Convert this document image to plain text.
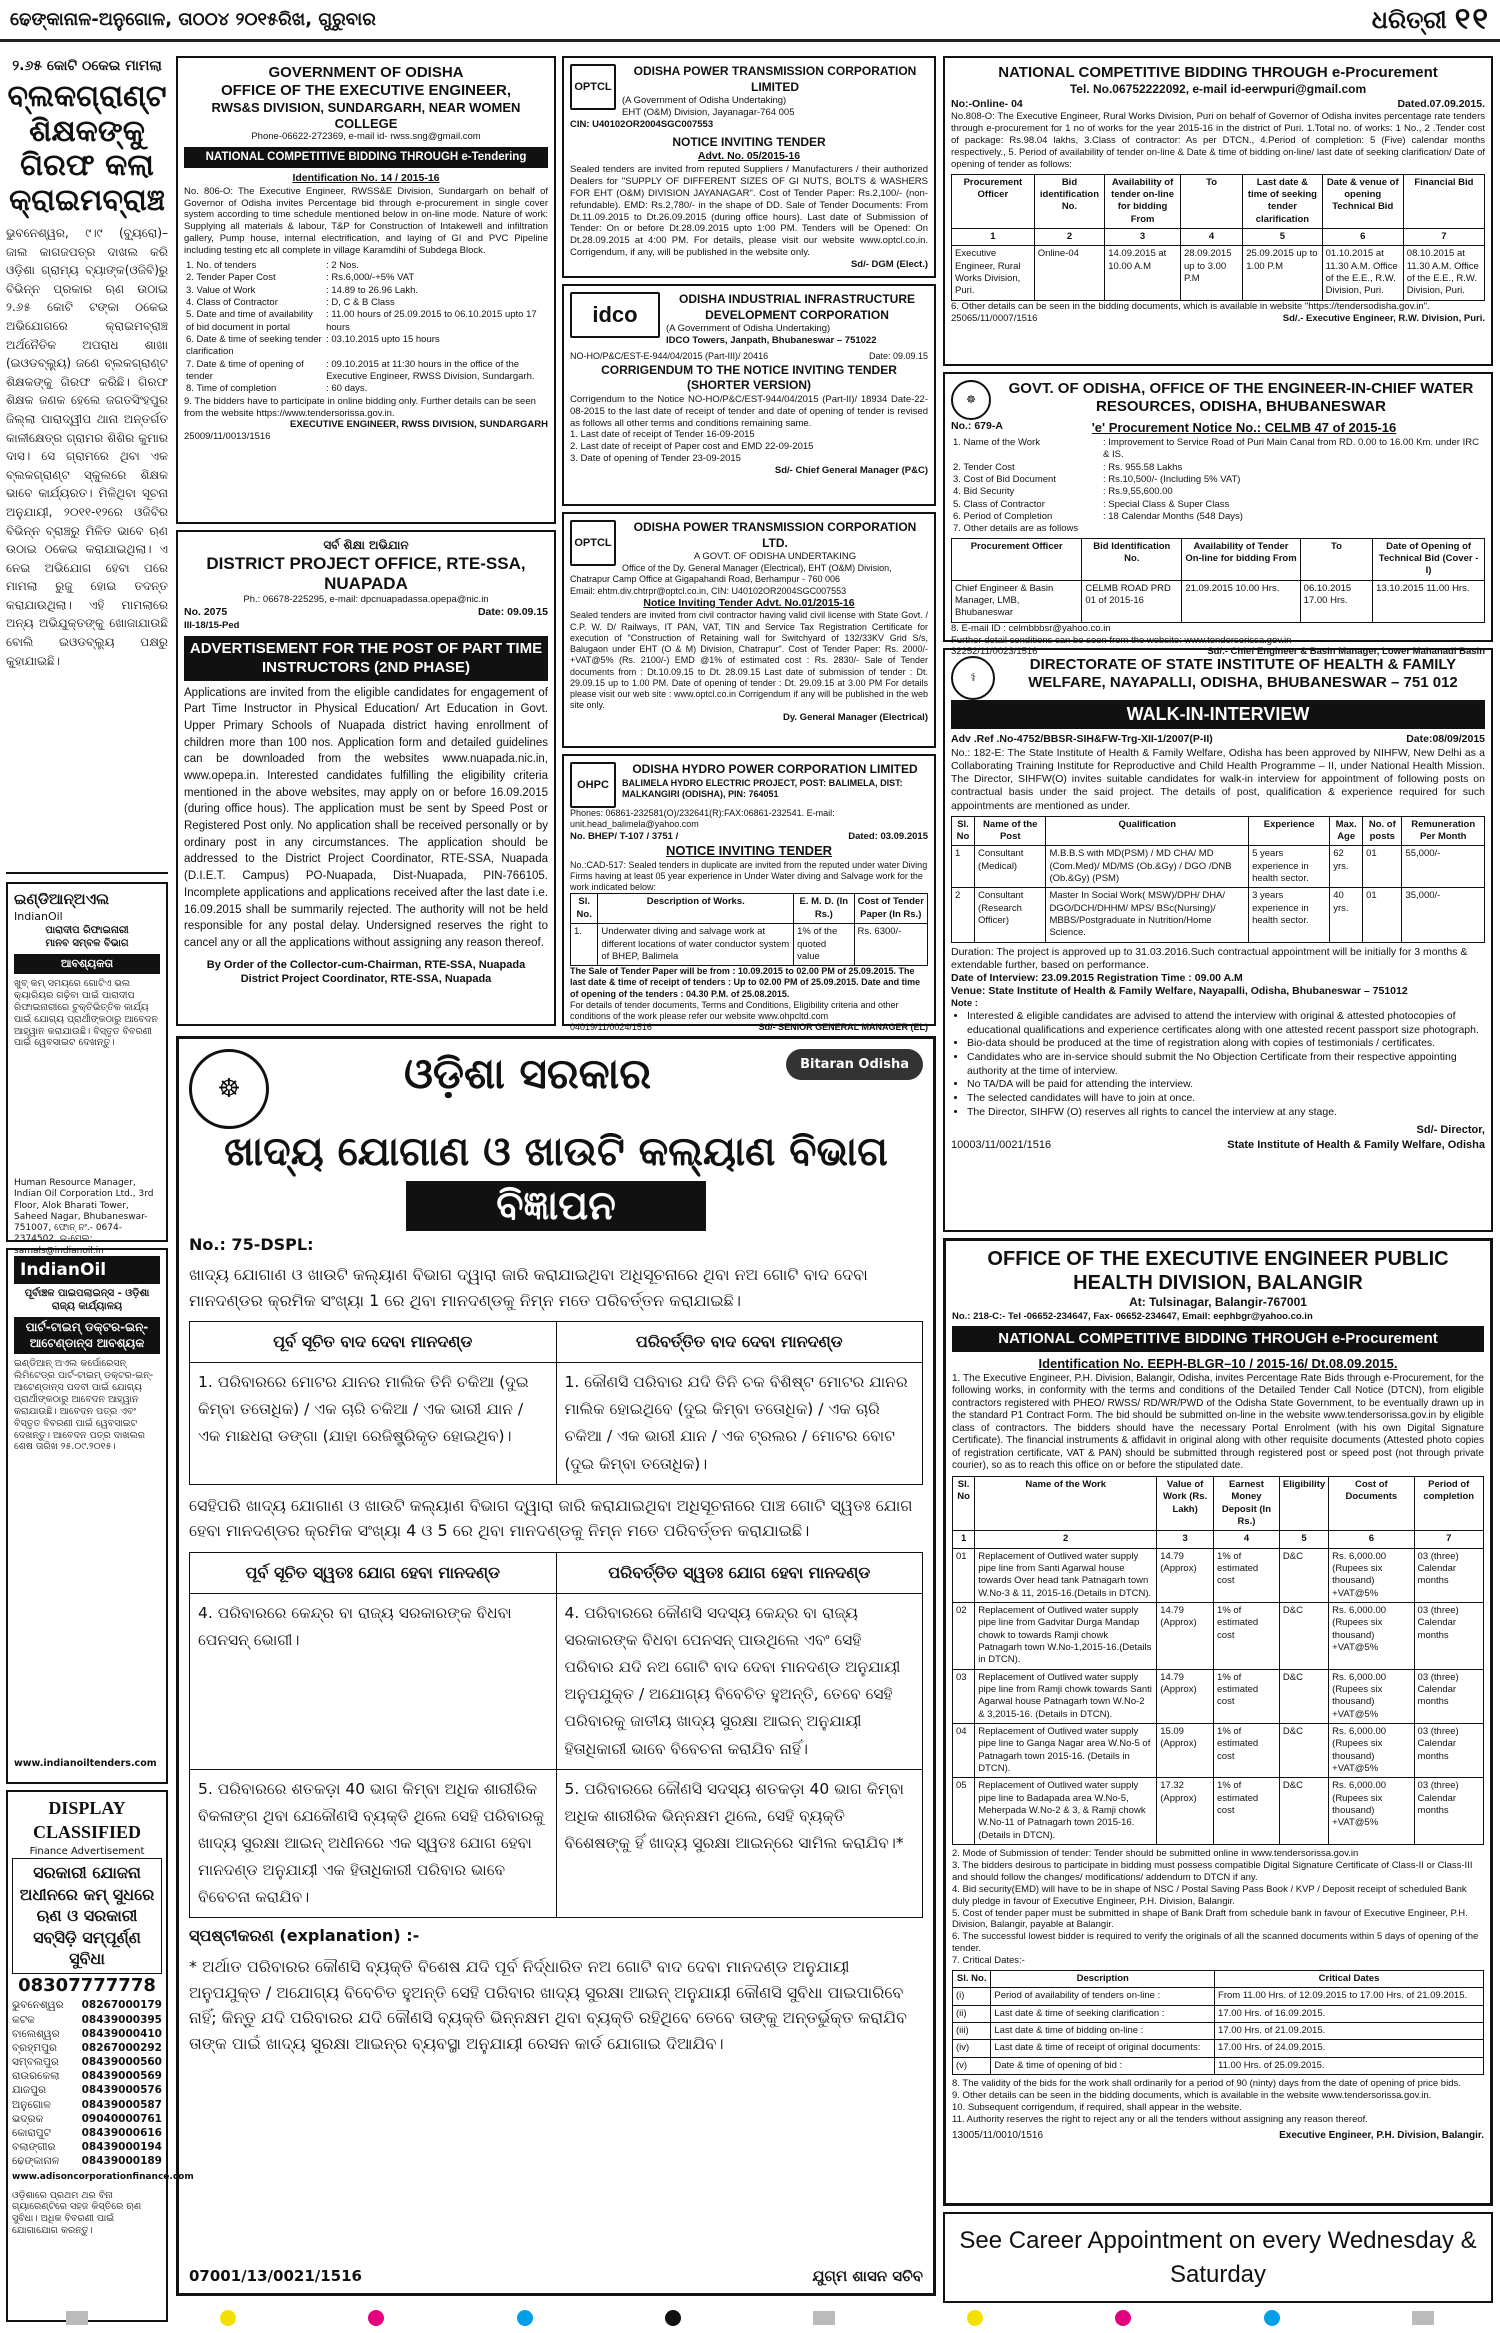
ଢେଙ୍କାନାଳ-ଅନୁଗୋଳ, ତାଠ୦୪ ୨୦୧୫ରିଖ, ଗୁରୁବାର	ଧରିତ୍ରୀ ୧୧
୨.୬୫ କୋଟି ଠକେଇ ମାମଲା
ବ୍ଲକଗ୍ରାଣ୍ଟ ଶିକ୍ଷକଙ୍କୁ ଗିରଫ କଲା କ୍ରାଇମବ୍ରାଞ୍ଚ
ଭୁବନେଶ୍ୱର, ୯।୯ (ବ୍ୟୁରୋ)– ଜାଲ କାଗଜପତ୍ର ଦାଖଲ କରି ଓଡ଼ିଶା ଗ୍ରାମ୍ୟ ବ୍ୟାଙ୍କ(ଓଜିବି)ରୁ ବିଭିନ୍ନ ପ୍ରକାର ଋଣ ଉଠାଇ ୨.୬୫ କୋଟି ଟଙ୍କା ଠକେଇ ଅଭିଯୋଗରେ କ୍ରାଇମବ୍ରାଞ୍ଚ ଅର୍ଥନୈତିକ ଅପରାଧ ଶାଖା (ଇଓଡବ୍ଲ୍ୟୁ) ଜଣେ ବ୍ଲକଗ୍ରାଣ୍ଟ ଶିକ୍ଷକଙ୍କୁ ଗିରଫ କରିଛି। ଗିରଫ ଶିକ୍ଷକ ଜଣକ ହେଲେ ଜଗତସିଂହପୁର ଜିଲ୍ଲା ପାରାଦ୍ୱୀପ ଥାନା ଅନ୍ତର୍ଗତ କାଳୀକ୍ଷେତ୍ର ଗ୍ରାମର ଶିଶିର କୁମାର ଦାସ। ସେ ଗ୍ରାମରେ ଥିବା ଏକ ବ୍ଲକଗ୍ରାଣ୍ଟ ସ୍କୁଲରେ ଶିକ୍ଷକ ଭାବେ କାର୍ଯ୍ୟରତ। ମିଳିଥିବା ସୂଚନା ଅନୁଯାୟୀ, ୨୦୧୧-୧୨ରେ ଓଜିବିର ବିଭିନ୍ନ ବ୍ରାଞ୍ଚରୁ ମିଳିତ ଭାବେ ଋଣ ଉଠାଇ ଠକେଇ କରାଯାଇଥିଲା। ଏ ନେଇ ଅଭିଯୋଗ ହେବା ପରେ ମାମଲା ରୁଜୁ ହୋଇ ତଦନ୍ତ କରାଯାଉଥିଲା। ଏହି ମାମଲାରେ ଅନ୍ୟ ଅଭିଯୁକ୍ତଙ୍କୁ ଖୋଜାଯାଉଛି ବୋଲି ଇଓଡବ୍ଲ୍ୟୁ ପକ୍ଷରୁ କୁହାଯାଇଛି।
ଇଣ୍ଡିଆନ୍‌ଅଏଲ
IndianOil
ପାରାଦୀପ ରିଫାଇନାରୀ
ମାନବ ସମ୍ବଳ ବିଭାଗ
ଆବଶ୍ୟକତା
ଖୁବ୍‌ କମ୍‌ ସମୟରେ ଗୋଟିଏ ଭଲ କ୍ୟାରିୟର ଗଢ଼ିବା ପାଇଁ ପାରାଦୀପ ରିଫାଇନାରୀରେ ଚୁକ୍ତିଭିତ୍ତିକ କାର୍ଯ୍ୟ ପାଇଁ ଯୋଗ୍ୟ ପ୍ରାର୍ଥୀଙ୍କଠାରୁ ଆବେଦନ ଆହ୍ୱାନ କରାଯାଉଛି। ବିସ୍ତୃତ ବିବରଣୀ ପାଇଁ ୱେବସାଇଟ ଦେଖନ୍ତୁ।
Human Resource Manager, Indian Oil Corporation Ltd., 3rd Floor, Alok Bharati Tower, Saheed Nagar, Bhubaneswar-751007, ଫୋନ୍‌ ନଂ.- 0674-2374502, ଇ-ମେଲ: samals@indianoil.in
IndianOil
ପୂର୍ବାଞ୍ଚଳ ପାଇପଲାଇନ୍ସ - ଓଡ଼ିଶା ରାଜ୍ୟ କାର୍ଯ୍ୟାଳୟ
ପାର୍ଟ-ଟାଇମ୍‌ ଡକ୍ଟର-ଇନ୍‌-ଆଟେଣ୍ଡାନ୍ସ ଆବଶ୍ୟକ
ଇଣ୍ଡିଆନ୍‌ ଅଏଲ କର୍ପୋରେସନ୍‌ ଲିମିଟେଡ୍‌ର ପାର୍ଟ-ଟାଇମ୍‌ ଡକ୍ଟର-ଇନ୍‌-ଆଟେଣ୍ଡାନ୍ସ ପଦବୀ ପାଇଁ ଯୋଗ୍ୟ ପ୍ରାର୍ଥୀଙ୍କଠାରୁ ଆବେଦନ ଆହ୍ୱାନ କରାଯାଉଛି। ଆବେଦନ ପତ୍ର ଏବଂ ବିସ୍ତୃତ ବିବରଣୀ ପାଇଁ ୱେବସାଇଟ ଦେଖନ୍ତୁ। ଆବେଦନ ପତ୍ର ଦାଖଲର ଶେଷ ତାରିଖ ୨୫.୦୯.୨୦୧୫।
www.indianoiltenders.com
DISPLAY CLASSIFIED
Finance Advertisement
ସରକାରୀ ଯୋଜନା ଅଧୀନରେ କମ୍‌ ସୁଧରେ ଋଣ ଓ ସରକାରୀ ସବ୍‌ସିଡ଼ି ସମ୍ପୂର୍ଣ୍ଣ ସୁବିଧା
08307777778
ଭୁବନେଶ୍ୱର 08267000179
କଟକ	08439000395
ବାଲେଶ୍ୱର 08439000410
ବ୍ରହ୍ମପୁର 08267000292
ସମ୍ବଲପୁର 08439000560
ରାଉରକେଲା 08439000569
ଯାଜପୁର	08439000576
ଅନୁଗୋଳ	08439000587
ଭଦ୍ରକ	09040000761
କୋରାପୁଟ	08439000616
ବଲାଙ୍ଗୀର 08439000194
ଢେଙ୍କାନାଳ 08439000189
www.adisoncorporationfinance.com
ଓଡ଼ିଶାରେ ପ୍ରଥମ ଥର ବିନା ଗ୍ୟାରେଣ୍ଟିରେ ସହଜ କିସ୍ତିରେ ଋଣ ସୁବିଧା। ଅଧିକ ବିବରଣୀ ପାଇଁ ଯୋଗାଯୋଗ କରନ୍ତୁ।
GOVERNMENT OF ODISHA
OFFICE OF THE EXECUTIVE ENGINEER,
RWS&S DIVISION, SUNDARGARH, NEAR WOMEN COLLEGE
Phone-06622-272369, e-mail id- rwss.sng@gmail.com
NATIONAL COMPETITIVE BIDDING THROUGH e-Tendering
Identification No. 14 / 2015-16
No. 806-O: The Executive Engineer, RWSS&E Division, Sundargarh on behalf of Governor of Odisha invites Percentage bid through e-procurement in single cover system according to time schedule mentioned below in on-line mode. Nature of work: Supplying all materials & labour, T&P for Construction of Intakewell and infiltration gallery, Pump house, internal electrification, and laying of GI and PVC Pipeline including testing etc all complete in village Karamdihi of Subdega Block.
1. No. of tenders	: 2 Nos.
2. Tender Paper Cost	: Rs.6,000/-+5% VAT
3. Value of Work	: 14.89 to 26.96 Lakh.
4. Class of Contractor	: D, C & B Class
5. Date and time of availability of bid document in portal	: 11.00 hours of 25.09.2015 to 06.10.2015 upto 17 hours
6. Date & time of seeking tender clarification	: 03.10.2015 upto 15 hours
7. Date & time of opening of tender	: 09.10.2015 at 11:30 hours in the office of the Executive Engineer, RWSS Division, Sundargarh.
8. Time of completion	: 60 days.
9. The bidders have to participate in online bidding only. Further details can be seen from the website https://www.tendersorissa.gov.in.
EXECUTIVE ENGINEER, RWSS DIVISION, SUNDARGARH
25009/11/0013/1516
ସର୍ବ ଶିକ୍ଷା ଅଭିଯାନ
DISTRICT PROJECT OFFICE, RTE-SSA, NUAPADA
Ph.: 06678-225295, e-mail: dpcnuapadassa.opepa@nic.in
No. 2075	Date: 09.09.15
III-18/15-Ped
ADVERTISEMENT FOR THE POST OF PART TIME INSTRUCTORS (2ND PHASE)
Applications are invited from the eligible candidates for engagement of Part Time Instructor in Physical Education/ Art Education in Govt. Upper Primary Schools of Nuapada district having enrollment of children more than 100 nos. Application form and detailed guidelines can be downloaded from the websites www.nuapada.nic.in, www.opepa.in. Interested candidates fulfilling the eligibility criteria mentioned in the above websites, may apply on or before 16.09.2015 (during office hous). The application must be sent by Speed Post or Registered Post only. No application shall be received personally or by ordinary post in any circumstances. The application should be addressed to the District Project Coordinator, RTE-SSA, Nuapada (D.I.E.T. Campus) PO-Nuapada, Dist-Nuapada, PIN-766105. Incomplete applications and applications received after the last date i.e. 16.09.2015 shall be summarily rejected. The authority will not be held responsible for any postal delay. Undersigned reserves the right to cancel any or all the applications without assigning any reason thereof.
By Order of the Collector-cum-Chairman, RTE-SSA, Nuapada
District Project Coordinator, RTE-SSA, Nuapada
OPTCL
ODISHA POWER TRANSMISSION CORPORATION LIMITED
(A Government of Odisha Undertaking)
EHT (O&M) Division, Jayanagar-764 005
CIN: U40102OR2004SGC007553
NOTICE INVITING TENDER
Advt. No. 05/2015-16
Sealed tenders are invited from reputed Suppliers / Manufacturers / their authorized Dealers for "SUPPLY OF DIFFERENT SIZES OF GI NUTS, BOLTS & WASHERS FOR EHT (O&M) DIVISION JAYANAGAR". Cost of Tender Paper: Rs.2,100/- (non-refundable). EMD: Rs.2,780/- in the shape of DD. Sale of Tender Documents: From Dt.11.09.2015 to Dt.26.09.2015 (during office hours). Last date of Submission of Tender: On or before Dt.28.09.2015 upto 1:00 PM. Tenders will be Opened: On Dt.28.09.2015 at 4:00 PM. For details, please visit our website www.optcl.co.in. Corrigendum, if any, will be published in the website only.
Sd/- DGM (Elect.)
idco
ODISHA INDUSTRIAL INFRASTRUCTURE DEVELOPMENT CORPORATION
(A Government of Odisha Undertaking)
IDCO Towers, Janpath, Bhubaneswar – 751022
NO-HO/P&C/EST-E-944/04/2015 (Part-III)/ 20416	Date: 09.09.15
CORRIGENDUM TO THE NOTICE INVITING TENDER (SHORTER VERSION)
Corrigendum to the Notice NO-HO/P&C/EST-944/04/2015 (Part-II)/ 18934 Date-22-08-2015 to the last date of receipt of tender and date of opening of tender is revised as follows all other terms and conditions remaining same.
1. Last date of receipt of Tender 16-09-2015
2. Last date of receipt of Paper cost and EMD 22-09-2015
3. Date of opening of Tender 23-09-2015
Sd/- Chief General Manager (P&C)
OPTCL
ODISHA POWER TRANSMISSION CORPORATION LTD.
A GOVT. OF ODISHA UNDERTAKING
Office of the Dy. General Manager (Electrical), EHT (O&M) Division, Chatrapur Camp Office at Gigapahandi Road, Berhampur - 760 006
Email: ehtm.div.chtrpr@optcl.co.in, CIN: U40102OR2004SGC007553
Notice Inviting Tender Advt. No.01/2015-16
Sealed tenders are invited from civil contractor having valid civil license with State Govt. / C.P. W. D/ Railways, IT PAN, VAT, TIN and Service Tax Registration Certificate for execution of "Construction of Retaining wall for Switchyard of 132/33KV Grid S/s, Balugaon under EHT (O & M) Division, Chatrapur". Cost of Tender Paper: Rs. 2000/-+VAT@5% (Rs. 2100/-) EMD @1% of estimated cost : Rs. 2830/- Sale of Tender documents from : Dt.10.09.15 to Dt. 28.09.15 Last date of submission of tender : Dt. 29.09.15 up to 1.00 PM. Date of opening of tender : Dt. 29.09.15 at 3.00 PM For details please visit our web site : www.optcl.co.in Corrigendum if any will be published in the web site only.
Dy. General Manager (Electrical)
OHPC
ODISHA HYDRO POWER CORPORATION LIMITED
BALIMELA HYDRO ELECTRIC PROJECT, POST: BALIMELA, DIST: MALKANGIRI (ODISHA), PIN: 764051
Phones: 06861-232581(O)/232641(R):FAX:06861-232541. E-mail: unit.head_balimela@yahoo.com
No. BHEP/ T-107 / 3751 /	Dated: 03.09.2015
NOTICE INVITING TENDER
No.:CAD-517: Sealed tenders in duplicate are invited from the reputed under water Diving Firms having at least 05 year experience in Under Water diving and Salvage work for the work indicated below:
Sl. No.	Description of Works.	E. M. D. (In Rs.)	Cost of Tender Paper (In Rs.)
1.	Underwater diving and salvage work at different locations of water conductor system of BHEP, Balimela	1% of the quoted value	Rs. 6300/-
The Sale of Tender Paper will be from : 10.09.2015 to 02.00 PM of 25.09.2015. The last date & time of receipt of tenders : Up to 02.00 PM of 25.09.2015. Date and time of opening of the tenders : 04.30 P.M. of 25.08.2015.
For details of tender documents, Terms and Conditions, Eligibility criteria and other conditions of the work please refer our website www.ohpcltd.com
04019/11/0024/1516	Sd/- SENIOR GENERAL MANAGER (EL)
☸
Bitaran Odisha
ଓଡ଼ିଶା ସରକାର
ଖାଦ୍ୟ ଯୋଗାଣ ଓ ଖାଉଟି କଲ୍ୟାଣ ବିଭାଗ
ବିଜ୍ଞାପନ
No.: 75-DSPL:
ଖାଦ୍ୟ ଯୋଗାଣ ଓ ଖାଉଟି କଲ୍ୟାଣ ବିଭାଗ ଦ୍ୱାରା ଜାରି କରାଯାଇଥିବା ଅଧିସୂଚନାରେ ଥିବା ନଅ ଗୋଟି ବାଦ ଦେବା ମାନଦଣ୍ଡର କ୍ରମିକ ସଂଖ୍ୟା 1 ରେ ଥିବା ମାନଦଣ୍ଡକୁ ନିମ୍ନ ମତେ ପରିବର୍ତ୍ତନ କରାଯାଇଛି।
ପୂର୍ବ ସୂଚିତ ବାଦ ଦେବା ମାନଦଣ୍ଡ	ପରିବର୍ତ୍ତିତ ବାଦ ଦେବା ମାନଦଣ୍ଡ
1. ପରିବାରରେ ମୋଟର ଯାନର ମାଲିକ ତିନି ଚକିଆ (ଦୁଇ କିମ୍ବା ତତୋଧିକ) / ଏକ ଚାରି ଚକିଆ / ଏକ ଭାରୀ ଯାନ / ଏକ ମାଛଧରା ଡଙ୍ଗା (ଯାହା ରେଜିଷ୍ଟ୍ରିକୃତ ହୋଇଥିବ)।	1. କୌଣସି ପରିବାର ଯଦି ତିନି ଚକ ବିଶିଷ୍ଟ ମୋଟର ଯାନର ମାଲିକ ହୋଇଥିବେ (ଦୁଇ କିମ୍ବା ତତୋଧିକ) / ଏକ ଚାରି ଚକିଆ / ଏକ ଭାରୀ ଯାନ / ଏକ ଟ୍ରଲର / ମୋଟର ବୋଟ (ଦୁଇ କିମ୍ବା ତତୋଧିକ)।
ସେହିପରି ଖାଦ୍ୟ ଯୋଗାଣ ଓ ଖାଉଟି କଲ୍ୟାଣ ବିଭାଗ ଦ୍ୱାରା ଜାରି କରାଯାଇଥିବା ଅଧିସୂଚନାରେ ପାଞ୍ଚ ଗୋଟି ସ୍ୱତଃ ଯୋଗ ହେବା ମାନଦଣ୍ଡର କ୍ରମିକ ସଂଖ୍ୟା 4 ଓ 5 ରେ ଥିବା ମାନଦଣ୍ଡକୁ ନିମ୍ନ ମତେ ପରିବର୍ତ୍ତନ କରାଯାଇଛି।
ପୂର୍ବ ସୂଚିତ ସ୍ୱତଃ ଯୋଗ ହେବା ମାନଦଣ୍ଡ	ପରିବର୍ତ୍ତିତ ସ୍ୱତଃ ଯୋଗ ହେବା ମାନଦଣ୍ଡ
4. ପରିବାରରେ କେନ୍ଦ୍ର ବା ରାଜ୍ୟ ସରକାରଙ୍କ ବିଧବା ପେନସନ୍‌ ଭୋଗୀ।	4. ପରିବାରରେ କୌଣସି ସଦସ୍ୟ କେନ୍ଦ୍ର ବା ରାଜ୍ୟ ସରକାରଙ୍କ ବିଧବା ପେନସନ୍‌ ପାଉଥିଲେ ଏବଂ ସେହି ପରିବାର ଯଦି ନଅ ଗୋଟି ବାଦ ଦେବା ମାନଦଣ୍ଡ ଅନୁଯାୟୀ ଅନୁପଯୁକ୍ତ / ଅଯୋଗ୍ୟ ବିବେଚିତ ହୁଅନ୍ତି, ତେବେ ସେହି ପରିବାରକୁ ଜାତୀୟ ଖାଦ୍ୟ ସୁରକ୍ଷା ଆଇନ୍‌ ଅନୁଯାୟୀ ହିତାଧିକାରୀ ଭାବେ ବିବେଚନା କରାଯିବ ନାହିଁ।
5. ପରିବାରରେ ଶତକଡ଼ା 40 ଭାଗ କିମ୍ବା ଅଧିକ ଶାରୀରିକ ବିକଳାଙ୍ଗ ଥିବା ଯେକୌଣସି ବ୍ୟକ୍ତି ଥିଲେ ସେହି ପରିବାରକୁ ଖାଦ୍ୟ ସୁରକ୍ଷା ଆଇନ୍‌ ଅଧୀନରେ ଏକ ସ୍ୱତଃ ଯୋଗ ହେବା ମାନଦଣ୍ଡ ଅନୁଯାୟୀ ଏକ ହିତାଧିକାରୀ ପରିବାର ଭାବେ ବିବେଚନା କରାଯିବ।	5. ପରିବାରରେ କୌଣସି ସଦସ୍ୟ ଶତକଡ଼ା 40 ଭାଗ କିମ୍ବା ଅଧିକ ଶାରୀରିକ ଭିନ୍ନକ୍ଷମ ଥିଲେ, ସେହି ବ୍ୟକ୍ତି ବିଶେଷଙ୍କୁ ହିଁ ଖାଦ୍ୟ ସୁରକ୍ଷା ଆଇନ୍‌ରେ ସାମିଲ କରାଯିବ।*
ସ୍ପଷ୍ଟୀକରଣ (explanation) :-
* ଅର୍ଥାତ ପରିବାରର କୌଣସି ବ୍ୟକ୍ତି ବିଶେଷ ଯଦି ପୂର୍ବ ନିର୍ଦ୍ଧାରିତ ନଅ ଗୋଟି ବାଦ ଦେବା ମାନଦଣ୍ଡ ଅନୁଯାୟୀ ଅନୁପଯୁକ୍ତ / ଅଯୋଗ୍ୟ ବିବେଚିତ ହୁଅନ୍ତି ସେହି ପରିବାର ଖାଦ୍ୟ ସୁରକ୍ଷା ଆଇନ୍‌ ଅନୁଯାୟୀ କୌଣସି ସୁବିଧା ପାଇପାରିବେ ନାହିଁ; କିନ୍ତୁ ଯଦି ପରିବାରର ଯଦି କୌଣସି ବ୍ୟକ୍ତି ଭିନ୍ନକ୍ଷମ ଥିବା ବ୍ୟକ୍ତି ରହିଥିବେ ତେବେ ତାଙ୍କୁ ଅନ୍ତର୍ଭୁକ୍ତ କରାଯିବ ତାଙ୍କ ପାଇଁ ଖାଦ୍ୟ ସୁରକ୍ଷା ଆଇନ୍‌ର ବ୍ୟବସ୍ଥା ଅନୁଯାୟୀ ରେସନ କାର୍ଡ ଯୋଗାଇ ଦିଆଯିବ।
07001/13/0021/1516	ଯୁଗ୍ମ ଶାସନ ସଚିବ
NATIONAL COMPETITIVE BIDDING THROUGH e-Procurement
Tel. No.06752222092, e-mail id-eerwpuri@gmail.com
No:-Online- 04	Dated.07.09.2015.
No.808-O: The Executive Engineer, Rural Works Division, Puri on behalf of Governor of Odisha invites percentage rate tenders through e-procurement for 1 no of works for the year 2015-16 in the district of Puri. 1.Total no. of works: 1 No., 2 .Tender cost of package: Rs.98.04 lakhs, 3.Class of contractor: As per DTCN., 4.Period of completion: 5 (Five) calendar months respectively., 5. Period of availability of tender on-line & Date & time of bidding on-line/ last date of seeking clarification/ Date of opening of tender as follows:
Procurement Officer	Bid identification No.	Availability of tender on-line for bidding From	To	Last date & time of seeking tender clarification	Date & venue of opening Technical Bid	Financial Bid
1	2	3	4	5	6	7
Executive Engineer, Rural Works Division, Puri.	Online-04	14.09.2015 at 10.00 A.M	28.09.2015 up to 3.00 P.M	25.09.2015 up to 1.00 P.M	01.10.2015 at 11.30 A.M. Office of the E.E., R.W. Division, Puri.	08.10.2015 at 11.30 A.M. Office of the E.E., R.W. Division, Puri.
6. Other details can be seen in the bidding documents, which is available in website "https://tendersodisha.gov.in".
25065/11/0007/1516	Sd/.- Executive Engineer, R.W. Division, Puri.
☸
GOVT. OF ODISHA, OFFICE OF THE ENGINEER-IN-CHIEF WATER RESOURCES, ODISHA, BHUBANESWAR
No.: 679-A	'e' Procurement Notice No.: CELMB 47 of 2015-16
1. Name of the Work	: Improvement to Service Road of Puri Main Canal from RD. 0.00 to 16.00 Km. under IRC & IS.
2. Tender Cost	: Rs. 955.58 Lakhs
3. Cost of Bid Document	: Rs.10,500/- (Including 5% VAT)
4. Bid Security	: Rs.9,55,600.00
5. Class of Contractor	: Special Class & Super Class
6. Period of Completion	: 18 Calendar Months (548 Days)
7. Other details are as follows	
Procurement Officer	Bid Identification No.	Availability of Tender On-line for bidding From	To	Date of Opening of Technical Bid (Cover - I)
Chief Engineer & Basin Manager, LMB, Bhubaneswar	CELMB ROAD PRD 01 of 2015-16	21.09.2015 10.00 Hrs.	06.10.2015 17.00 Hrs.	13.10.2015 11.00 Hrs.
8. E-mail ID : celmbbbsr@yahoo.co.in
Further detail conditions can be seen from the website: www.tendersorissa.gov.in
32252/11/0023/1516	Sd/.- Chief Engineer & Basin Manager, Lower Mahanadi Basin
⚕
DIRECTORATE OF STATE INSTITUTE OF HEALTH & FAMILY WELFARE, NAYAPALLI, ODISHA, BHUBANESWAR – 751 012
WALK-IN-INTERVIEW
Adv .Ref .No-4752/BBSR-SIH&FW-Trg-XII-1/2007(P-II)	Date:08/09/2015
No.: 182-E: The State Institute of Health & Family Welfare, Odisha has been approved by NIHFW, New Delhi as a Collaborating Training Institute for Reproductive and Child Health Programme – II, under National Health Mission. The Director, SIHFW(O) invites suitable candidates for walk-in interview for appointment of following posts on contractual basis under the said project. The details of post, qualification & experience required for such appointments are mentioned as under.
Sl. No	Name of the Post	Qualification	Experience	Max. Age	No. of posts	Remuneration Per Month
1	Consultant (Medical)	M.B.B.S with MD(PSM) / MD CHA/ MD (Com.Med)/ MD/MS (Ob.&Gy) / DGO /DNB (Ob.&Gy) (PSM)	5 years experience in health sector.	62 yrs.	01	55,000/-
2	Consultant (Research Officer)	Master In Social Work( MSW)/DPH/ DHA/ DGO/DCH/DHHM/ MPS/ BSc(Nursing)/ MBBS/Postgraduate in Nutrition/Home Science.	3 years experience in health sector.	40 yrs.	01	35,000/-
Duration: The project is approved up to 31.03.2016.Such contractual appointment will be initially for 3 months & extendable further, based on performance.
Date of Interview: 23.09.2015 Registration Time : 09.00 A.M
Venue: State Institute of Health & Family Welfare, Nayapalli, Odisha, Bhubaneswar – 751012
Note :
• Interested & eligible candidates are advised to attend the interview with original & attested photocopies of educational qualifications and experience certificates along with one attested recent passport size photograph.
• Bio-data should be produced at the time of registration along with copies of testimonials / certificates.
• Candidates who are in-service should submit the No Objection Certificate from their respective appointing authority at the time of interview.
• No TA/DA will be paid for attending the interview.
• The selected candidates will have to join at once.
• The Director, SIHFW (O) reserves all rights to cancel the interview at any stage.
Sd/- Director,
10003/11/0021/1516	State Institute of Health & Family Welfare, Odisha
OFFICE OF THE EXECUTIVE ENGINEER PUBLIC HEALTH DIVISION, BALANGIR
At: Tulsinagar, Balangir-767001
No.: 218-C:- Tel -06652-234647, Fax- 06652-234647, Email: eephbgr@yahoo.co.in
NATIONAL COMPETITIVE BIDDING THROUGH e-Procurement
Identification No. EEPH-BLGR–10 / 2015-16/ Dt.08.09.2015.
1. The Executive Engineer, P.H. Division, Balangir, Odisha, invites Percentage Rate Bids through e-Procurement, for the following works, in conformity with the terms and conditions of the Detailed Tender Call Notice (DTCN), from eligible contractors registered with PHEO/ RWSS/ RD/WR/PWD of the Odisha State Government, to be eventually drawn up in the standard P1 Contract Form. The bid should be submitted on-line in the website www.tendersorissa.gov.in by eligible class of contractors. The bidders should have the necessary Portal Enrolment (with his own Digital Signature Certificate). The financial instruments & affidavit in original along with other requisite documents (Attested photo copies of registration certificate, VAT & PAN) should be submitted through registered post or speed post (not through private courier), so as to reach this office on or before the stipulated date.
Sl. No	Name of the Work	Value of Work (Rs. Lakh)	Earnest Money Deposit (In Rs.)	Eligibility	Cost of Documents	Period of completion
1	2	3	4	5	6	7
01	Replacement of Outlived water supply pipe line from Santi Agarwal house towards Over head tank Patnagarh town W.No-3 & 11, 2015-16.(Details in DTCN).	14.79 (Approx)	1% of estimated cost	D&C	Rs. 6,000.00 (Rupees six thousand) +VAT@5%	03 (three) Calendar months
02	Replacement of Outlived water supply pipe line from Gadvitar Durga Mandap chowk to towards Ramji chowk Patnagarh town W.No-1,2015-16.(Details in DTCN).	14.79 (Approx)	1% of estimated cost	D&C	Rs. 6,000.00 (Rupees six thousand) +VAT@5%	03 (three) Calendar months
03	Replacement of Outlived water supply pipe line from Ramji chowk towards Santi Agarwal house Patnagarh town W.No-2 & 3,2015-16. (Details in DTCN).	14.79 (Approx)	1% of estimated cost	D&C	Rs. 6,000.00 (Rupees six thousand) +VAT@5%	03 (three) Calendar months
04	Replacement of Outlived water supply pipe line to Ganga Nagar area W.No-5 of Patnagarh town 2015-16. (Details in DTCN).	15.09 (Approx)	1% of estimated cost	D&C	Rs. 6,000.00 (Rupees six thousand) +VAT@5%	03 (three) Calendar months
05	Replacement of Outlived water supply pipe line to Badapada area W.No-5, Meherpada W.No-2 & 3, & Ramji chowk W.No-11 of Patnagarh town 2015-16.(Details in DTCN).	17.32 (Approx)	1% of estimated cost	D&C	Rs. 6,000.00 (Rupees six thousand) +VAT@5%	03 (three) Calendar months
2. Mode of Submission of tender: Tender should be submitted online in www.tendersorissa.gov.in
3. The bidders desirous to participate in bidding must possess compatible Digital Signature Certificate of Class-II or Class-III and should follow the changes/ modifications/ addendum to DTCN if any.
4. Bid security(EMD) will have to be in shape of NSC / Postal Saving Pass Book / KVP / Deposit receipt of scheduled Bank duly pledge in favour of Executive Engineer, P.H. Division, Balangir.
5. Cost of tender paper must be submitted in shape of Bank Draft from schedule bank in favour of Executive Engineer, P.H. Division, Balangir, payable at Balangir.
6. The successful lowest bidder is required to verify the originals of all the scanned documents within 5 days of opening of the tender.
7. Critical Dates:-
Sl. No.	Description	Critical Dates
(i)	Period of availability of tenders on-line :	From 11.00 Hrs. of 12.09.2015 to 17.00 Hrs. of 21.09.2015.
(ii)	Last date & time of seeking clarification :	17.00 Hrs. of 16.09.2015.
(iii)	Last date & time of bidding on-line :	17.00 Hrs. of 21.09.2015.
(iv)	Last date & time of receipt of original documents:	17.00 Hrs. of 24.09.2015.
(v)	Date & time of opening of bid :	11.00 Hrs. of 25.09.2015.
8. The validity of the bids for the work shall ordinarily for a period of 90 (ninty) days from the date of opening of price bids.
9. Other details can be seen in the bidding documents, which is available in the website www.tendersorissa.gov.in.
10. Subsequent corrigendum, if required, shall appear in the website.
11. Authority reserves the right to reject any or all the tenders without assigning any reason thereof.
13005/11/0010/1516	Executive Engineer, P.H. Division, Balangir.
See Career Appointment on every Wednesday & Saturday
